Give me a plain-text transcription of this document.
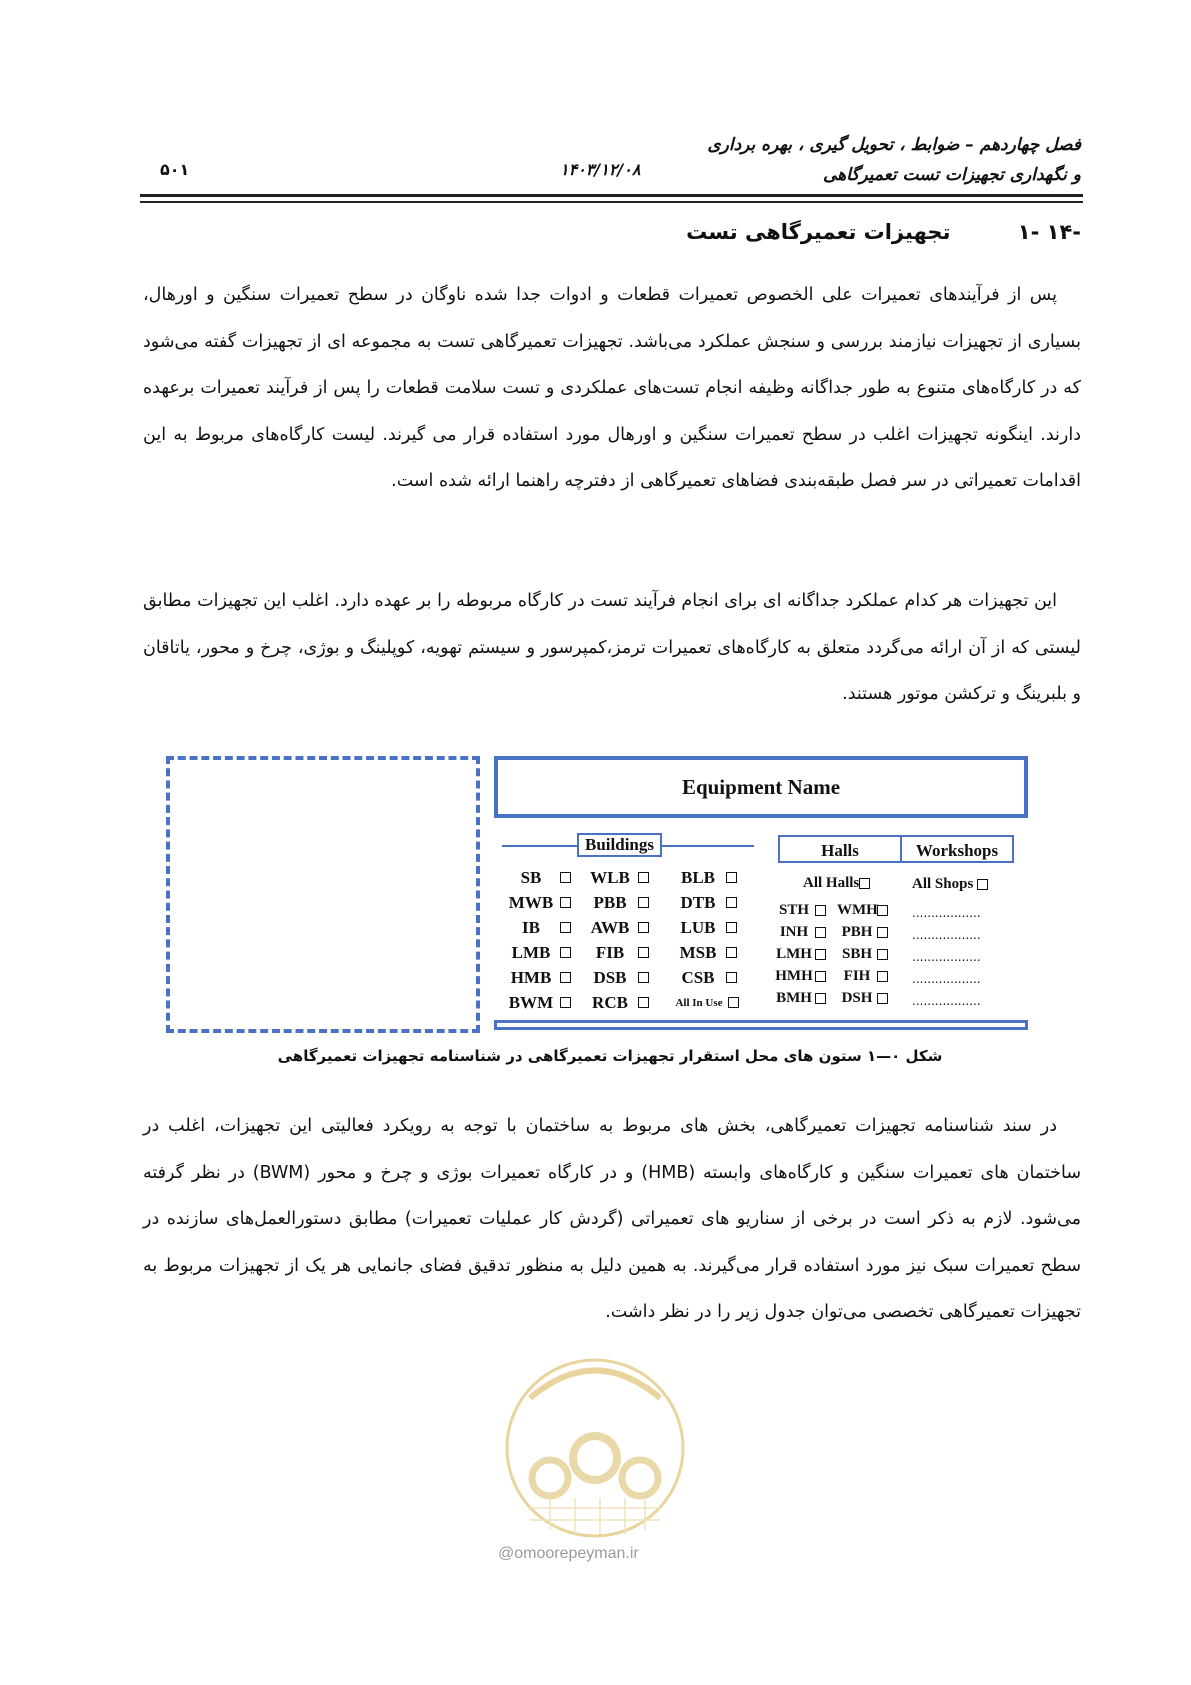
فصل چهاردهم – ضوابط ، تحویل گیری ، بهره برداری
و نگهداری تجهیزات تست تعمیرگاهی
۱۴۰۳/۱۲/۰۸
۵۰۱
-۱۴ -۱ تجهیزات تعمیرگاهی تست
پس از فرآیندهای تعمیرات علی الخصوص تعمیرات قطعات و ادوات جدا شده ناوگان در سطح تعمیرات سنگین و اورهال، بسیاری از تجهیزات نیازمند بررسی و سنجش عملکرد می‌باشد. تجهیزات تعمیرگاهی تست به مجموعه ای از تجهیزات گفته می‌شود که در کارگاه‌های متنوع به طور جداگانه وظیفه انجام تست‌های عملکردی و تست سلامت قطعات را پس از فرآیند تعمیرات برعهده دارند. اینگونه تجهیزات اغلب در سطح تعمیرات سنگین و اورهال مورد استفاده قرار می گیرند. لیست کارگاه‌های مربوط به این اقدامات تعمیراتی در سر فصل طبقه‌بندی فضاهای تعمیرگاهی از دفترچه راهنما ارائه شده است.
این تجهیزات هر کدام عملکرد جداگانه ای برای انجام فرآیند تست در کارگاه مربوطه را بر عهده دارد. اغلب این تجهیزات مطابق لیستی که از آن ارائه می‌گردد متعلق به کارگاه‌های تعمیرات ترمز،کمپرسور و سیستم تهویه، کوپلینگ و بوژی، چرخ و محور، یاتاقان و بلبرینگ و ترکشن موتور هستند.
Equipment Name
Buildings
SB	WLB	BLB
MWB	PBB	DTB
IB	AWB	LUB
LMB	FIB	MSB
HMB	DSB	CSB
BWM	RCB	All In Use
Halls
All Halls
STH	WMH
INH	PBH
LMH	SBH
HMH	FIH
BMH	DSH
Workshops
All Shops
..................
..................
..................
..................
..................
شکل ۰—۱ ستون های محل استقرار تجهیزات تعمیرگاهی در شناسنامه تجهیزات تعمیرگاهی
در سند شناسنامه تجهیزات تعمیرگاهی، بخش های مربوط به ساختمان با توجه به رویکرد فعالیتی این تجهیزات، اغلب در ساختمان های تعمیرات سنگین و کارگاه‌های وابسته (HMB) و در کارگاه تعمیرات بوژی و چرخ و محور (BWM) در نظر گرفته می‌شود. لازم به ذکر است در برخی از سناریو های تعمیراتی (گردش کار عملیات تعمیرات) مطابق دستورالعمل‌های سازنده در سطح تعمیرات سبک نیز مورد استفاده قرار می‌گیرند. به همین دلیل به منظور تدقیق فضای جانمایی هر یک از تجهیزات مربوط به تجهیزات تعمیرگاهی تخصصی می‌توان جدول زیر را در نظر داشت.
@omoorepeyman.ir
